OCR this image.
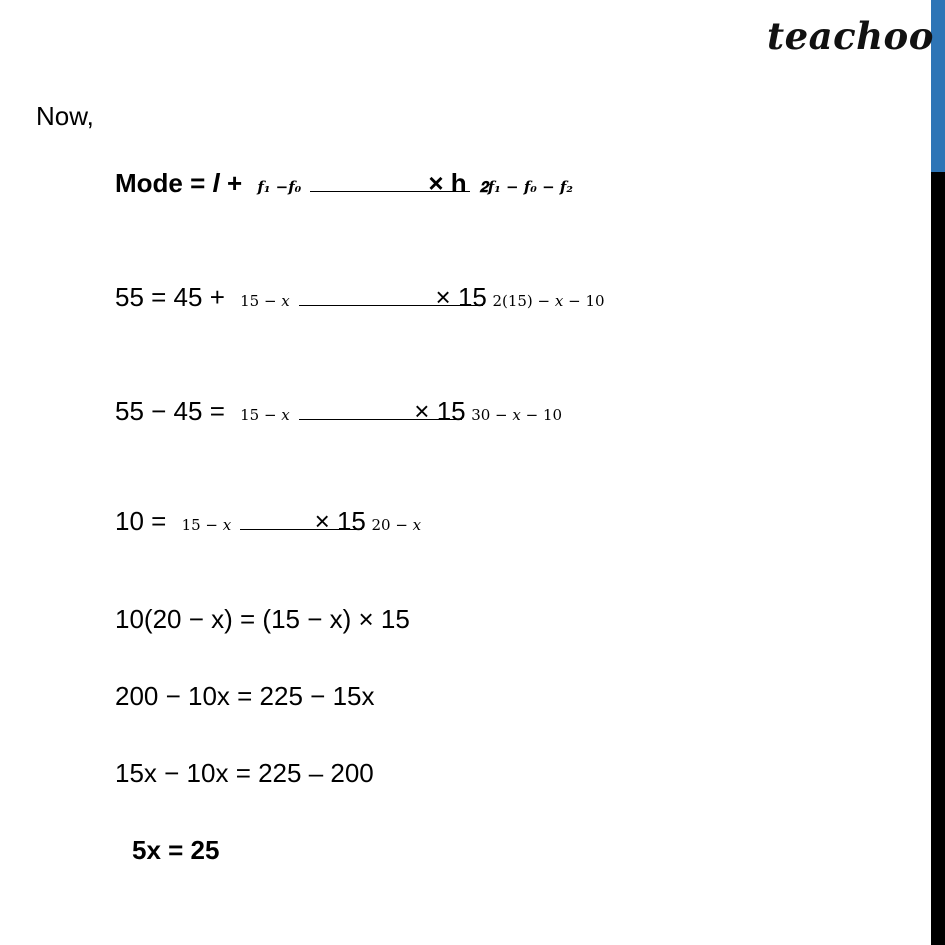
teachoo
Now,
Mode =
l + 𝒇₁ −𝒇₀	𝟐𝒇₁ − 𝒇₀ − 𝒇₂
× h
55 = 45 + 15 − 𝑥	2(15) − 𝑥 − 10
× 15
55 − 45 = 15 − 𝑥	30 − 𝑥 − 10
× 15
10 = 15 − 𝑥	20 − 𝑥
× 15
10(20 − x) = (15 − x) × 15
200 − 10x = 225 − 15x
15x − 10x = 225 – 200
5x = 25
